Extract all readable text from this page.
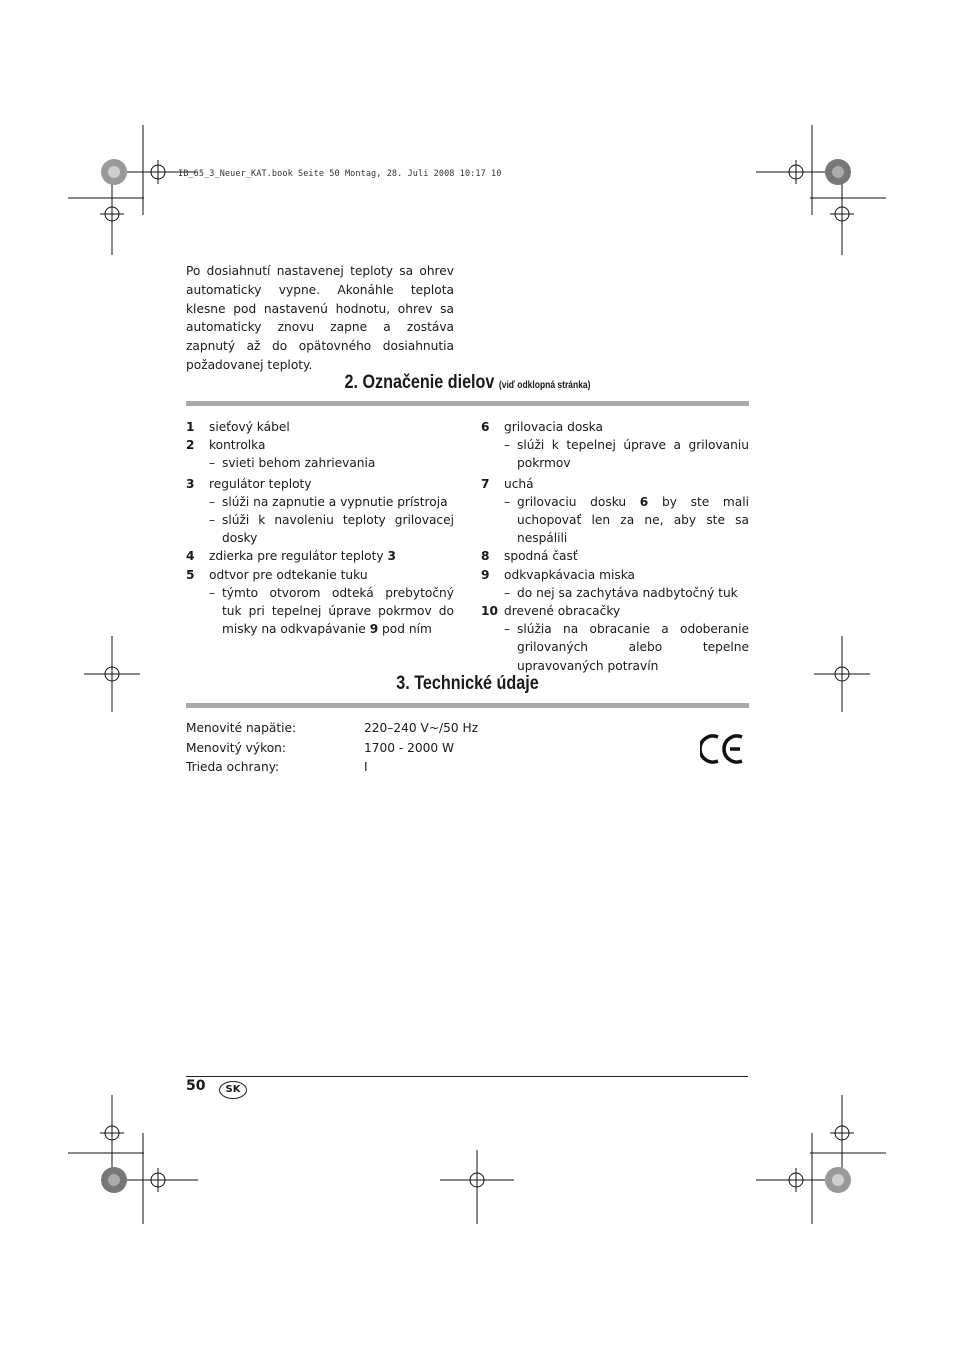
IB_65_3_Neuer_KAT.book Seite 50 Montag, 28. Juli 2008 10:17 10
Po dosiahnutí nastavenej teploty sa ohrev automaticky vypne. Akonáhle teplota klesne pod nastavenú hodnotu, ohrev sa automaticky znovu zapne a zostáva zapnutý až do opätovného dosiahnutia požadovanej teploty.
2. Označenie dielov (viď odklopná stránka)
1	sieťový kábel
2	kontrolka
– svieti behom zahrievania
3	regulátor teploty
– slúži na zapnutie a vypnutie prístroja
– slúži k navoleniu teploty grilovacej dosky
4	zdierka pre regulátor teploty 3
5	odtvor pre odtekanie tuku
– týmto otvorom odteká prebytočný tuk pri tepelnej úprave pokrmov do misky na odkvapávanie 9 pod ním
6	grilovacia doska
– slúži k tepelnej úprave a grilovaniu pokrmov
7	uchá
– grilovaciu dosku 6 by ste mali uchopovať len za ne, aby ste sa nespálili
8	spodná časť
9	odkvapkávacia miska
– do nej sa zachytáva nadbytočný tuk
10 drevené obracačky
– slúžia na obracanie a odoberanie grilovaných alebo tepelne upravovaných potravín
3. Technické údaje
Menovité napätie:	220–240 V~/50 Hz
Menovitý výkon:	1700 - 2000 W
Trieda ochrany:	I
50	SK
